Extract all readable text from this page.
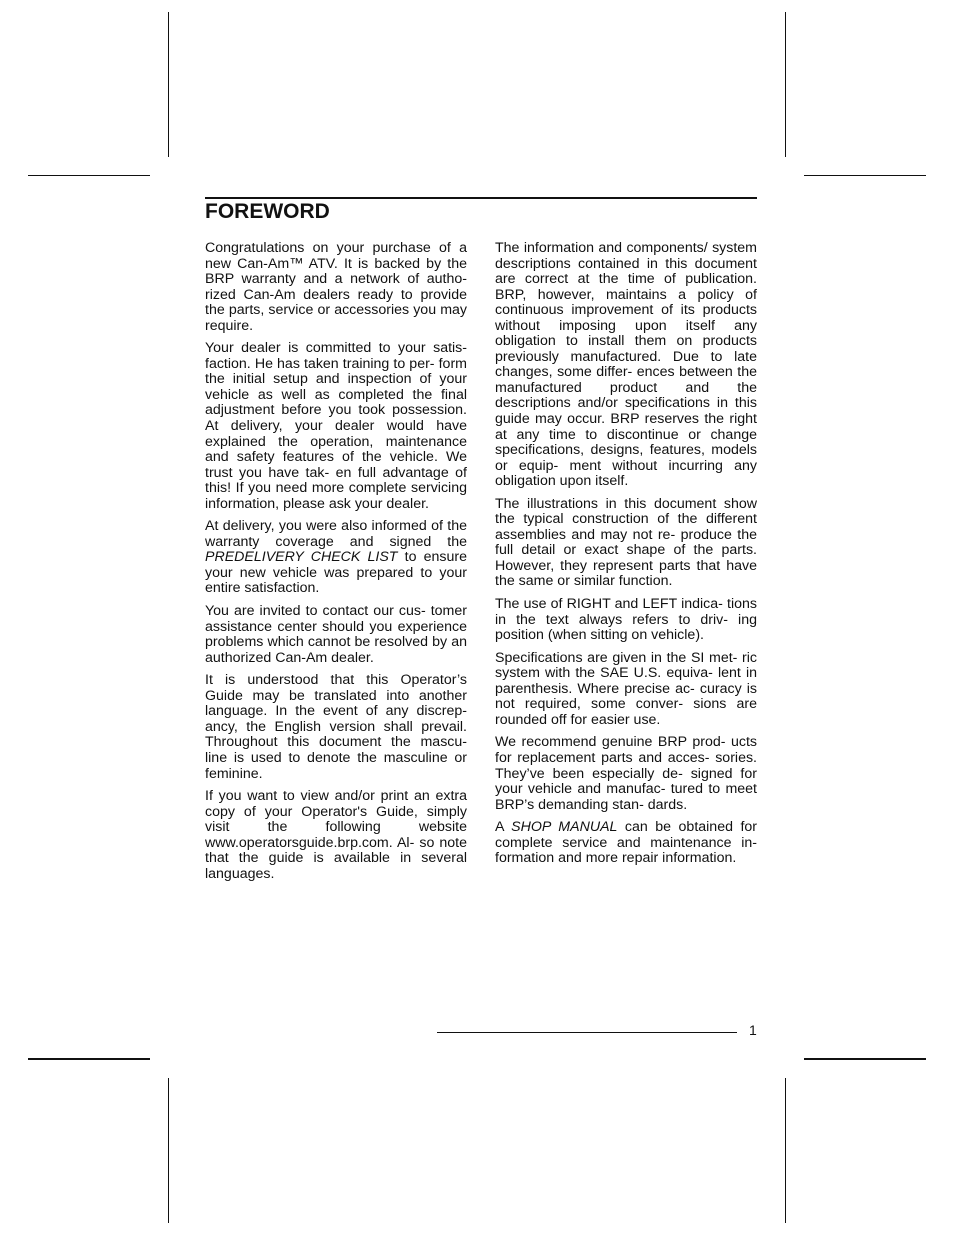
FOREWORD

Congratulations on your purchase of a new Can-Am™ ATV. It is backed by the BRP warranty and a network of autho- rized Can-Am dealers ready to provide the parts, service or accessories you may require.

Your dealer is committed to your satis- faction. He has taken training to per- form the initial setup and inspection of your vehicle as well as completed the final adjustment before you took possession. At delivery, your dealer would have explained the operation, maintenance and safety features of the vehicle. We trust you have tak- en full advantage of this! If you need more complete servicing information, please ask your dealer.

At delivery, you were also informed of the warranty coverage and signed the PREDELIVERY CHECK LIST to ensure your new vehicle was prepared to your entire satisfaction.

You are invited to contact our cus- tomer assistance center should you experience problems which cannot be resolved by an authorized Can-Am dealer.

It is understood that this Operator’s Guide may be translated into another language. In the event of any discrep- ancy, the English version shall prevail. Throughout this document the mascu- line is used to denote the masculine or feminine.

If you want to view and/or print an extra copy of your Operator's Guide, simply visit the following website www.operatorsguide.brp.com. Al- so note that the guide is available in several languages.

The information and components/ system descriptions contained in this document are correct at the time of publication. BRP, however, maintains a policy of continuous improvement of its products without imposing upon itself any obligation to install them on products previously manufactured. Due to late changes, some differ- ences between the manufactured product and the descriptions and/or specifications in this guide may occur. BRP reserves the right at any time to discontinue or change specifications, designs, features, models or equip- ment without incurring any obligation upon itself.

The illustrations in this document show the typical construction of the different assemblies and may not re- produce the full detail or exact shape of the parts. However, they represent parts that have the same or similar function.

The use of RIGHT and LEFT indica- tions in the text always refers to driv- ing position (when sitting on vehicle).

Specifications are given in the SI met- ric system with the SAE U.S. equiva- lent in parenthesis. Where precise ac- curacy is not required, some conver- sions are rounded off for easier use.

We recommend genuine BRP prod- ucts for replacement parts and acces- sories. They’ve been especially de- signed for your vehicle and manufac- tured to meet BRP’s demanding stan- dards.

A SHOP MANUAL can be obtained for complete service and maintenance in- formation and more repair information.

1
